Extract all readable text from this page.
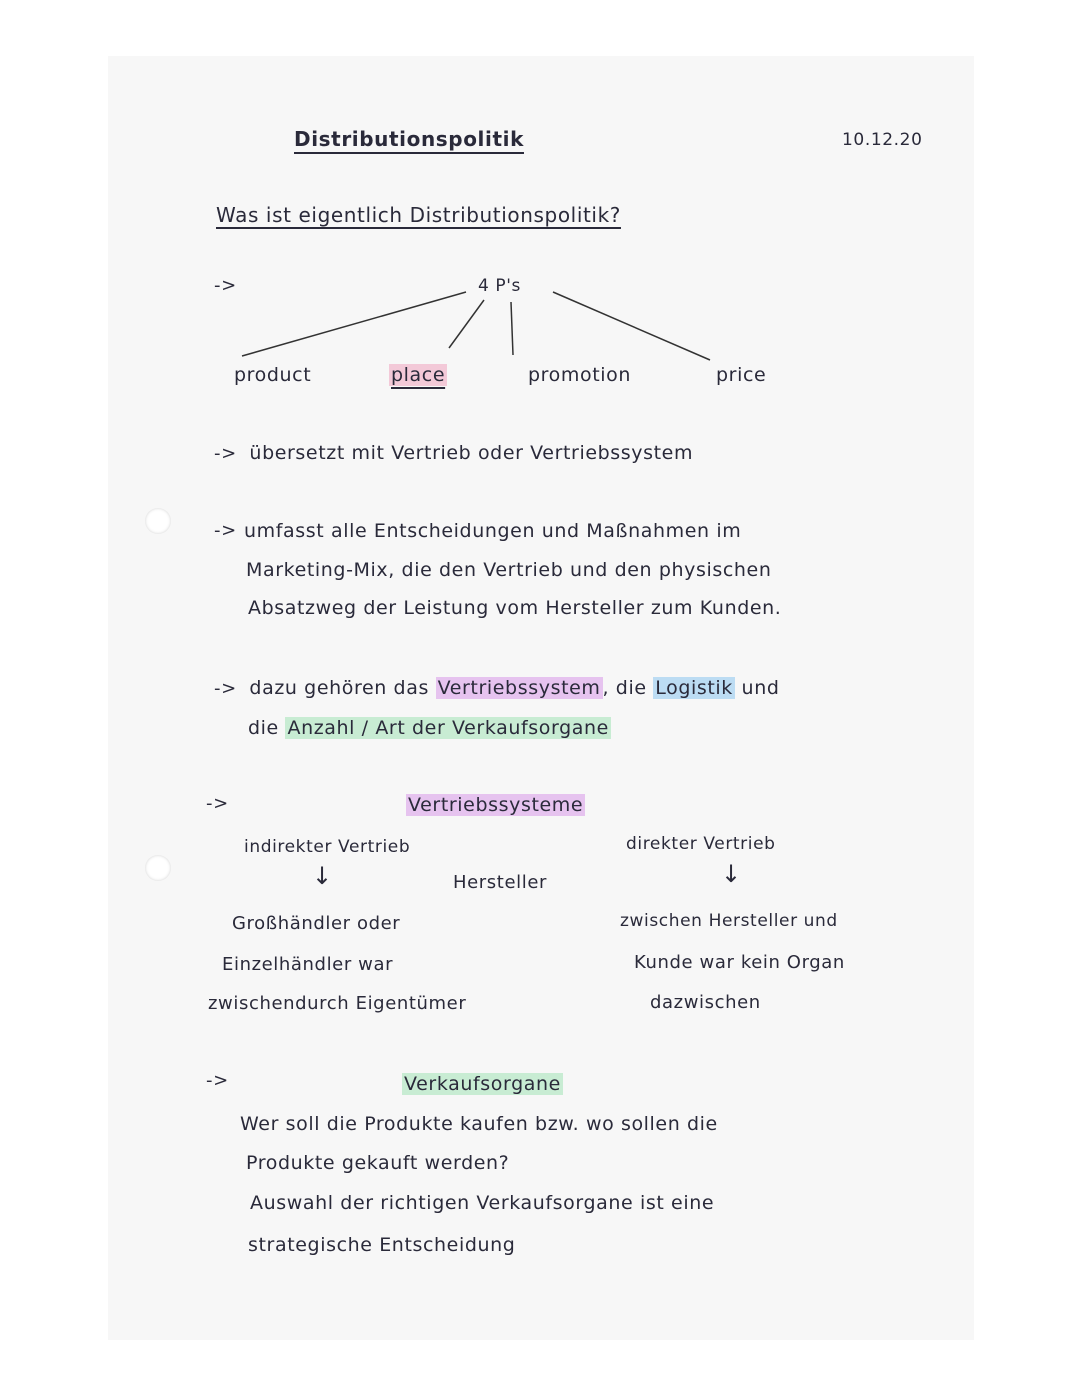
Distributionspolitik	10.12.20
Was ist eigentlich Distributionspolitik?
->	4 P's
product	place	promotion	price
-> übersetzt mit Vertrieb oder Vertriebssystem
-> umfasst alle Entscheidungen und Maßnahmen im
Marketing-Mix, die den Vertrieb und den physischen
Absatzweg der Leistung vom Hersteller zum Kunden.
-> dazu gehören das Vertriebssystem , die Logistik und
die Anzahl / Art der Verkaufsorgane
->	Vertriebssysteme
indirekter Vertrieb
↓
Großhändler oder
Einzelhändler war
zwischendurch Eigentümer
Hersteller
direkter Vertrieb
↓
zwischen Hersteller und
Kunde war kein Organ
dazwischen
->	Verkaufsorgane
Wer soll die Produkte kaufen bzw. wo sollen die
Produkte gekauft werden?
Auswahl der richtigen Verkaufsorgane ist eine
strategische Entscheidung
